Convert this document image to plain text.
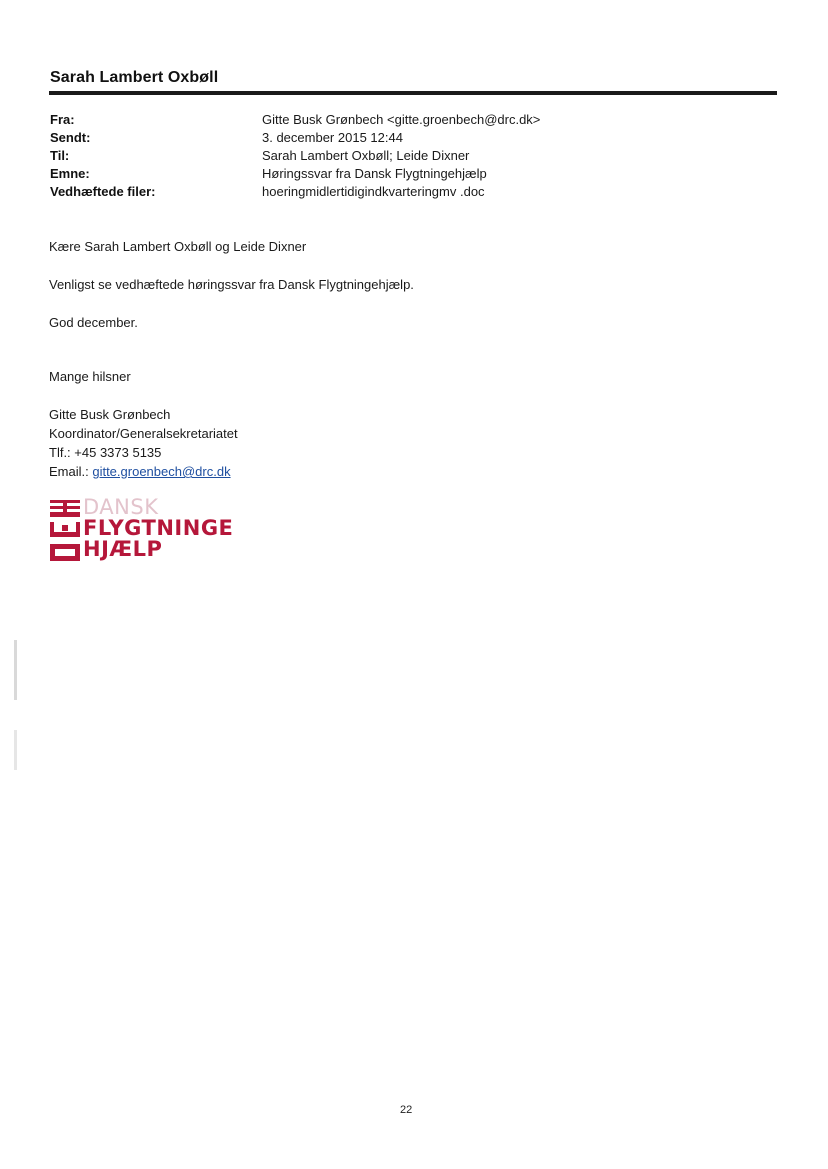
Sarah Lambert Oxbøll
Fra:	Gitte Busk Grønbech <gitte.groenbech@drc.dk>
Sendt:	3. december 2015 12:44
Til:	Sarah Lambert Oxbøll; Leide Dixner
Emne:	Høringssvar fra Dansk Flygtningehjælp
Vedhæftede filer:	hoeringmidlertidigindkvarteringmv .doc
Kære Sarah Lambert Oxbøll og Leide Dixner
Venligst se vedhæftede høringssvar fra Dansk Flygtningehjælp.
God december.
Mange hilsner
Gitte Busk Grønbech
Koordinator/Generalsekretariatet
Tlf.: +45 3373 5135
Email.: gitte.groenbech@drc.dk
DANSK
FLYGTNINGE
HJÆLP
22
